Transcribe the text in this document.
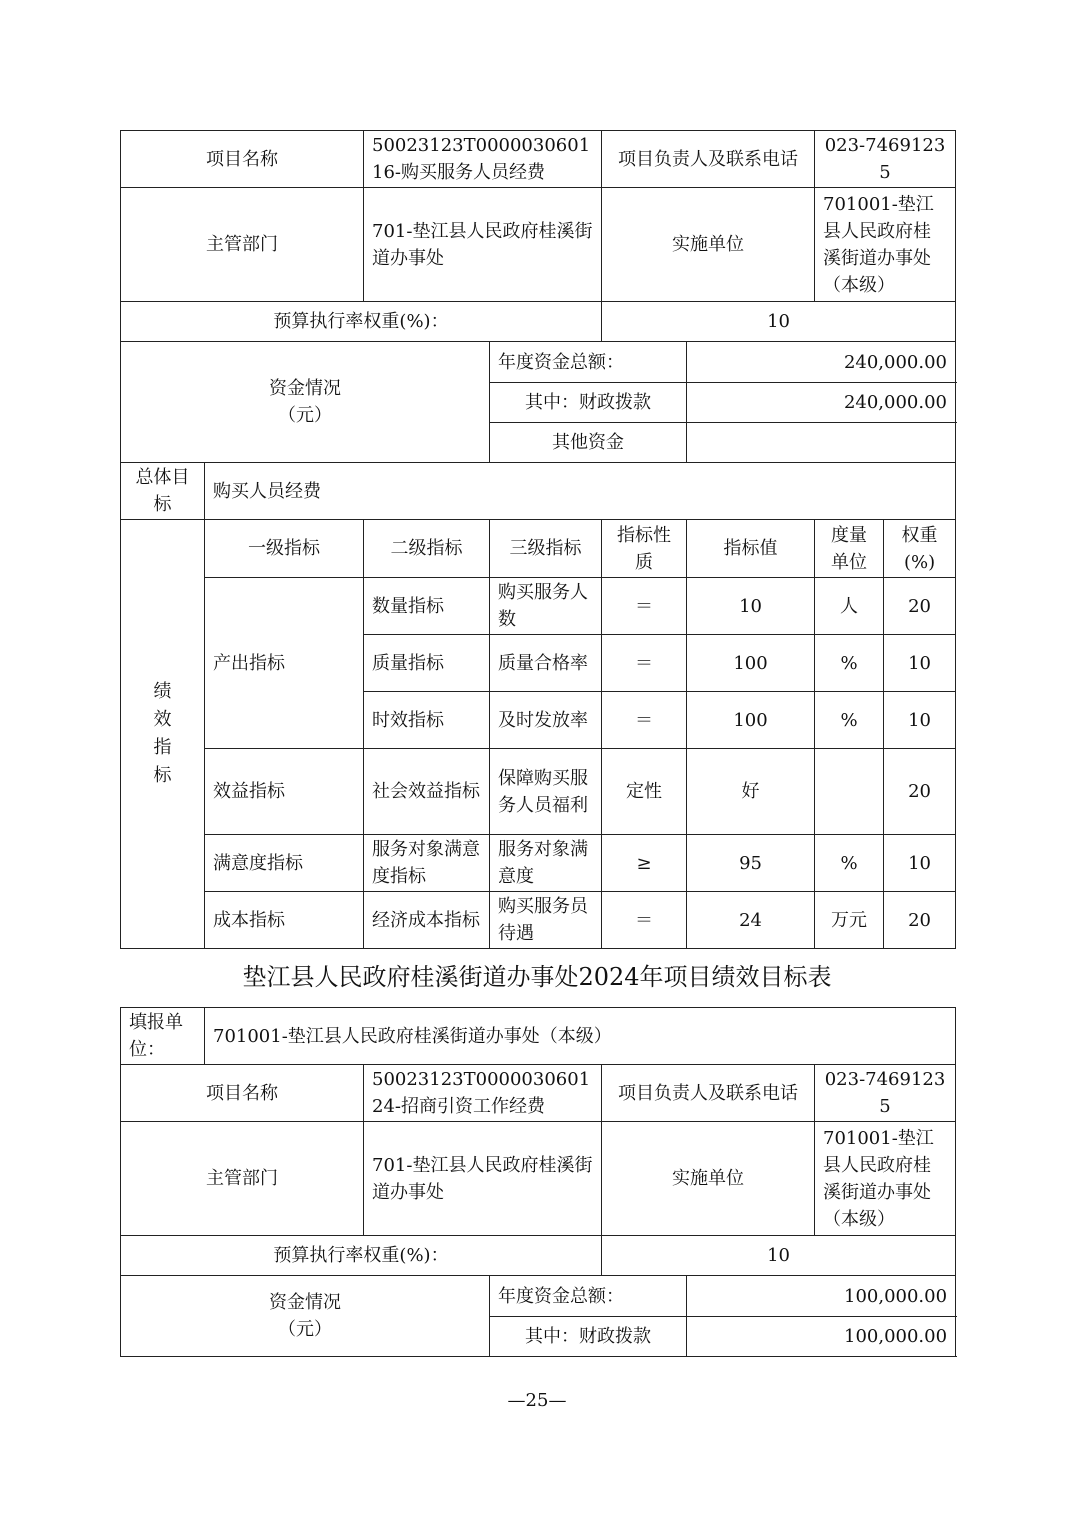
项目名称		50023123T000003060116-购买服务人员经费		项目负责人及联系电话		023-74691235	
主管部门		701-垫江县人民政府桂溪街道办事处		实施单位		701001-垫江县人民政府桂溪街道办事处（本级）	
预算执行率权重(%)：				10			

资金情况（元）			年度资金总额：		240,000.00		
			其中：财政拨款		240,000.00		
			其他资金				
总体目标	购买人员经费						

绩效指标	一级指标	二级指标	三级指标	指标性质	指标值	度量单位	权重(%)
	产出指标	数量指标	购买服务人数	＝	10	人	20
		质量指标	质量合格率	＝	100	%	10
		时效指标	及时发放率	＝	100	%	10
	效益指标	社会效益指标	保障购买服务人员福利	定性	好		20
	满意度指标	服务对象满意度指标	服务对象满意度	≥	95	%	10
	成本指标	经济成本指标	购买服务员待遇	＝	24	万元	20
垫江县人民政府桂溪街道办事处2024年项目绩效目标表
填报单位：	701001-垫江县人民政府桂溪街道办事处（本级）					
项目名称		50023123T000003060124-招商引资工作经费		项目负责人及联系电话		023-74691235
主管部门		701-垫江县人民政府桂溪街道办事处		实施单位		701001-垫江县人民政府桂溪街道办事处（本级）
预算执行率权重(%)：				10		

资金情况（元）			年度资金总额：		100,000.00	
			其中：财政拨款		100,000.00	
—25—
